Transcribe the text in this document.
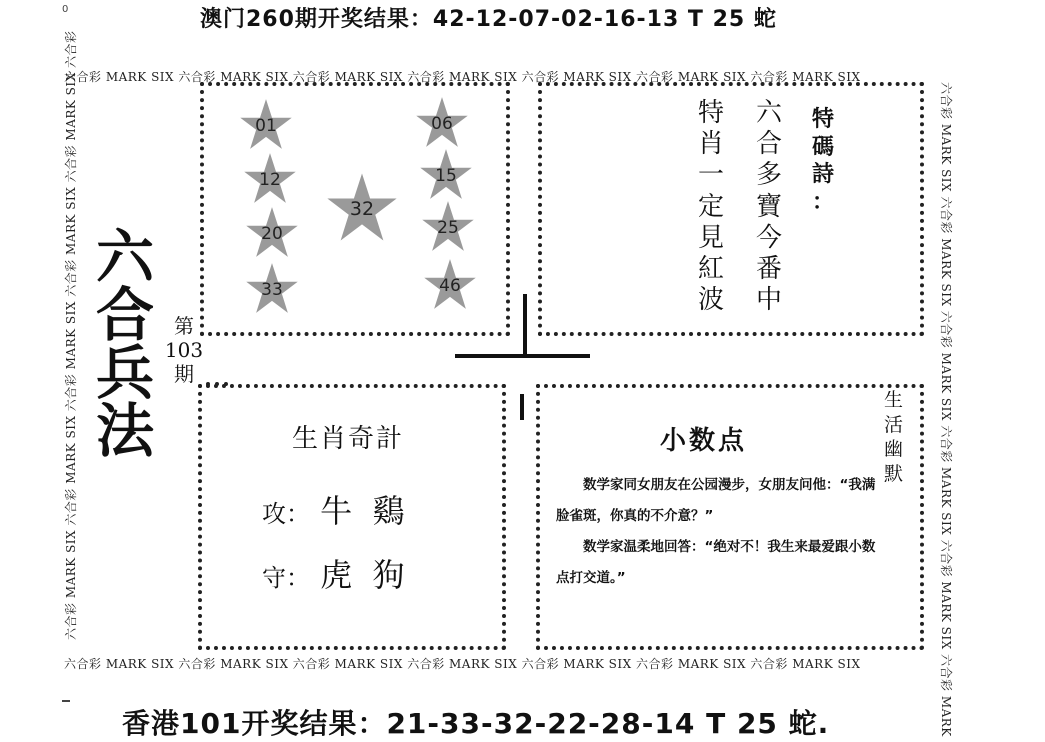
0	澳门260期开奖结果：42-12-07-02-16-13 T 25 蛇
香港101开奖结果：21-33-32-22-28-14 T 25 蛇.
六合彩 MARK SIX 六合彩 MARK SIX 六合彩 MARK SIX 六合彩 MARK SIX 六合彩 MARK SIX 六合彩 MARK SIX 六合彩 MARK SIX
六合彩 MARK SIX 六合彩 MARK SIX 六合彩 MARK SIX 六合彩 MARK SIX 六合彩 MARK SIX 六合彩 MARK SIX 六合彩 MARK SIX
六合彩 MARK SIX 六合彩 MARK SIX 六合彩 MARK SIX 六合彩 MARK SIX 六合彩 MARK SIX 六合彩	六合彩 MARK SIX 六合彩 MARK SIX 六合彩 MARK SIX 六合彩 MARK SIX 六合彩 MARK SIX 六合彩 MARK
六
合
兵
法
第
103
期
01
12
20
33
32
06
15
25
46
特
肖
一
定
見
紅
波
六
合
多
寶
今
番
中
特
碼
詩
：
生肖奇計
攻： 牛  鷄
守： 虎  狗
生
活
幽
默
小数点

数学家同女朋友在公园漫步，女朋友问他：“我满脸雀斑，你真的不介意？”

数学家温柔地回答：“绝对不！我生来最爱跟小数点打交道。”
